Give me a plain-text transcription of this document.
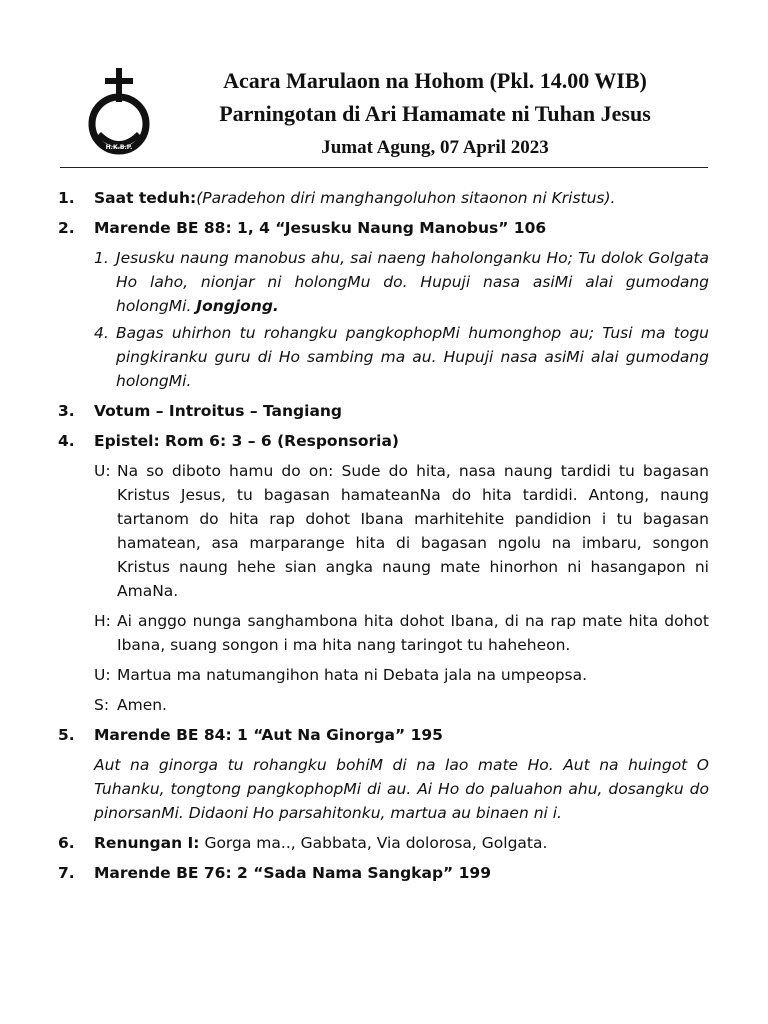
H.K.B.P.
Acara Marulaon na Hohom (Pkl. 14.00 WIB)
Parningotan di Ari Hamamate ni Tuhan Jesus
Jumat Agung, 07 April 2023
1. Saat teduh:(Paradehon diri manghangoluhon sitaonon ni Kristus).
2. Marende BE 88: 1, 4 “Jesusku Naung Manobus” 106
1. Jesusku naung manobus ahu, sai naeng haholonganku Ho; Tu dolok Golgata Ho laho, nionjar ni holongMu do. Hupuji nasa asiMi alai gumodang holongMi. Jongjong.
4. Bagas uhirhon tu rohangku pangkophopMi humonghop au; Tusi ma togu pingkiranku guru di Ho sambing ma au. Hupuji nasa asiMi alai gumodang holongMi.
3. Votum – Introitus – Tangiang
4. Epistel: Rom 6: 3 – 6 (Responsoria)
U: Na so diboto hamu do on: Sude do hita, nasa naung tardidi tu bagasan Kristus Jesus, tu bagasan hamateanNa do hita tardidi. Antong, naung tartanom do hita rap dohot Ibana marhitehite pandidion i tu bagasan hamatean, asa marparange hita di bagasan ngolu na imbaru, songon Kristus naung hehe sian angka naung mate hinorhon ni hasangapon ni AmaNa.
H: Ai anggo nunga sanghambona hita dohot Ibana, di na rap mate hita dohot Ibana, suang songon i ma hita nang taringot tu haheheon.
U: Martua ma natumangihon hata ni Debata jala na umpeopsa.
S: Amen.
5. Marende BE 84: 1 “Aut Na Ginorga” 195
Aut na ginorga tu rohangku bohiM di na lao mate Ho. Aut na huingot O Tuhanku, tongtong pangkophopMi di au. Ai Ho do paluahon ahu, dosangku do pinorsanMi. Didaoni Ho parsahitonku, martua au binaen ni i.
6. Renungan I: Gorga ma.., Gabbata, Via dolorosa, Golgata.
7. Marende BE 76: 2 “Sada Nama Sangkap” 199
